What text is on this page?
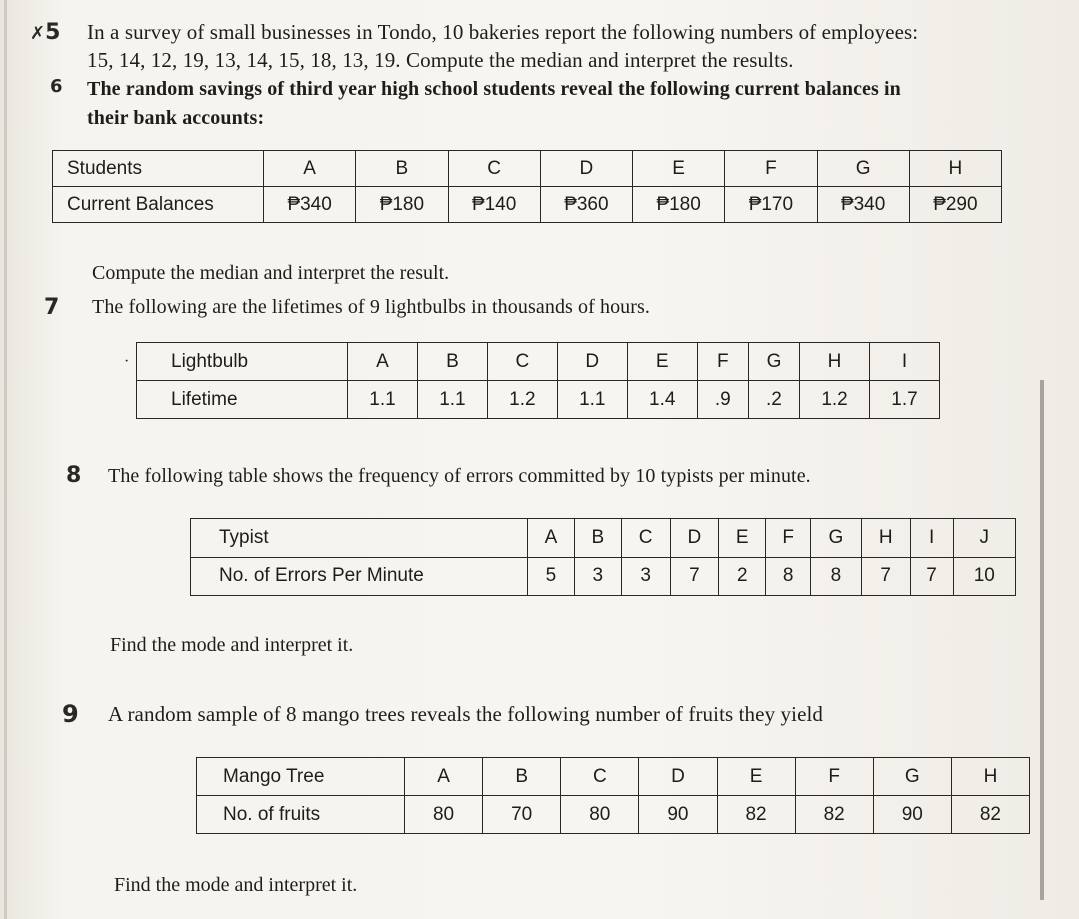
✗5 In a survey of small businesses in Tondo, 10 bakeries report the following numbers of employees:
15, 14, 12, 19, 13, 14, 15, 18, 13, 19. Compute the median and interpret the results.
6 The random savings of third year high school students reveal the following current balances in
their bank accounts:
Students	A	B	C	D	E	F	G	H
Current Balances	₱340	₱180	₱140	₱360	₱180	₱170	₱340	₱290
Compute the median and interpret the result.
7 The following are the lifetimes of 9 lightbulbs in thousands of hours.
· Lightbulb	A	B	C	D	E	F	G	H	I
Lifetime	1.1	1.1	1.2	1.1	1.4	.9	.2	1.2	1.7
8 The following table shows the frequency of errors committed by 10 typists per minute.
Typist	A	B	C	D	E	F	G	H	I	J
No. of Errors Per Minute	5	3	3	7	2	8	8	7	7	10
Find the mode and interpret it.
9 A random sample of 8 mango trees reveals the following number of fruits they yield
Mango Tree	A	B	C	D	E	F	G	H
No. of fruits	80	70	80	90	82	82	90	82
Find the mode and interpret it.
